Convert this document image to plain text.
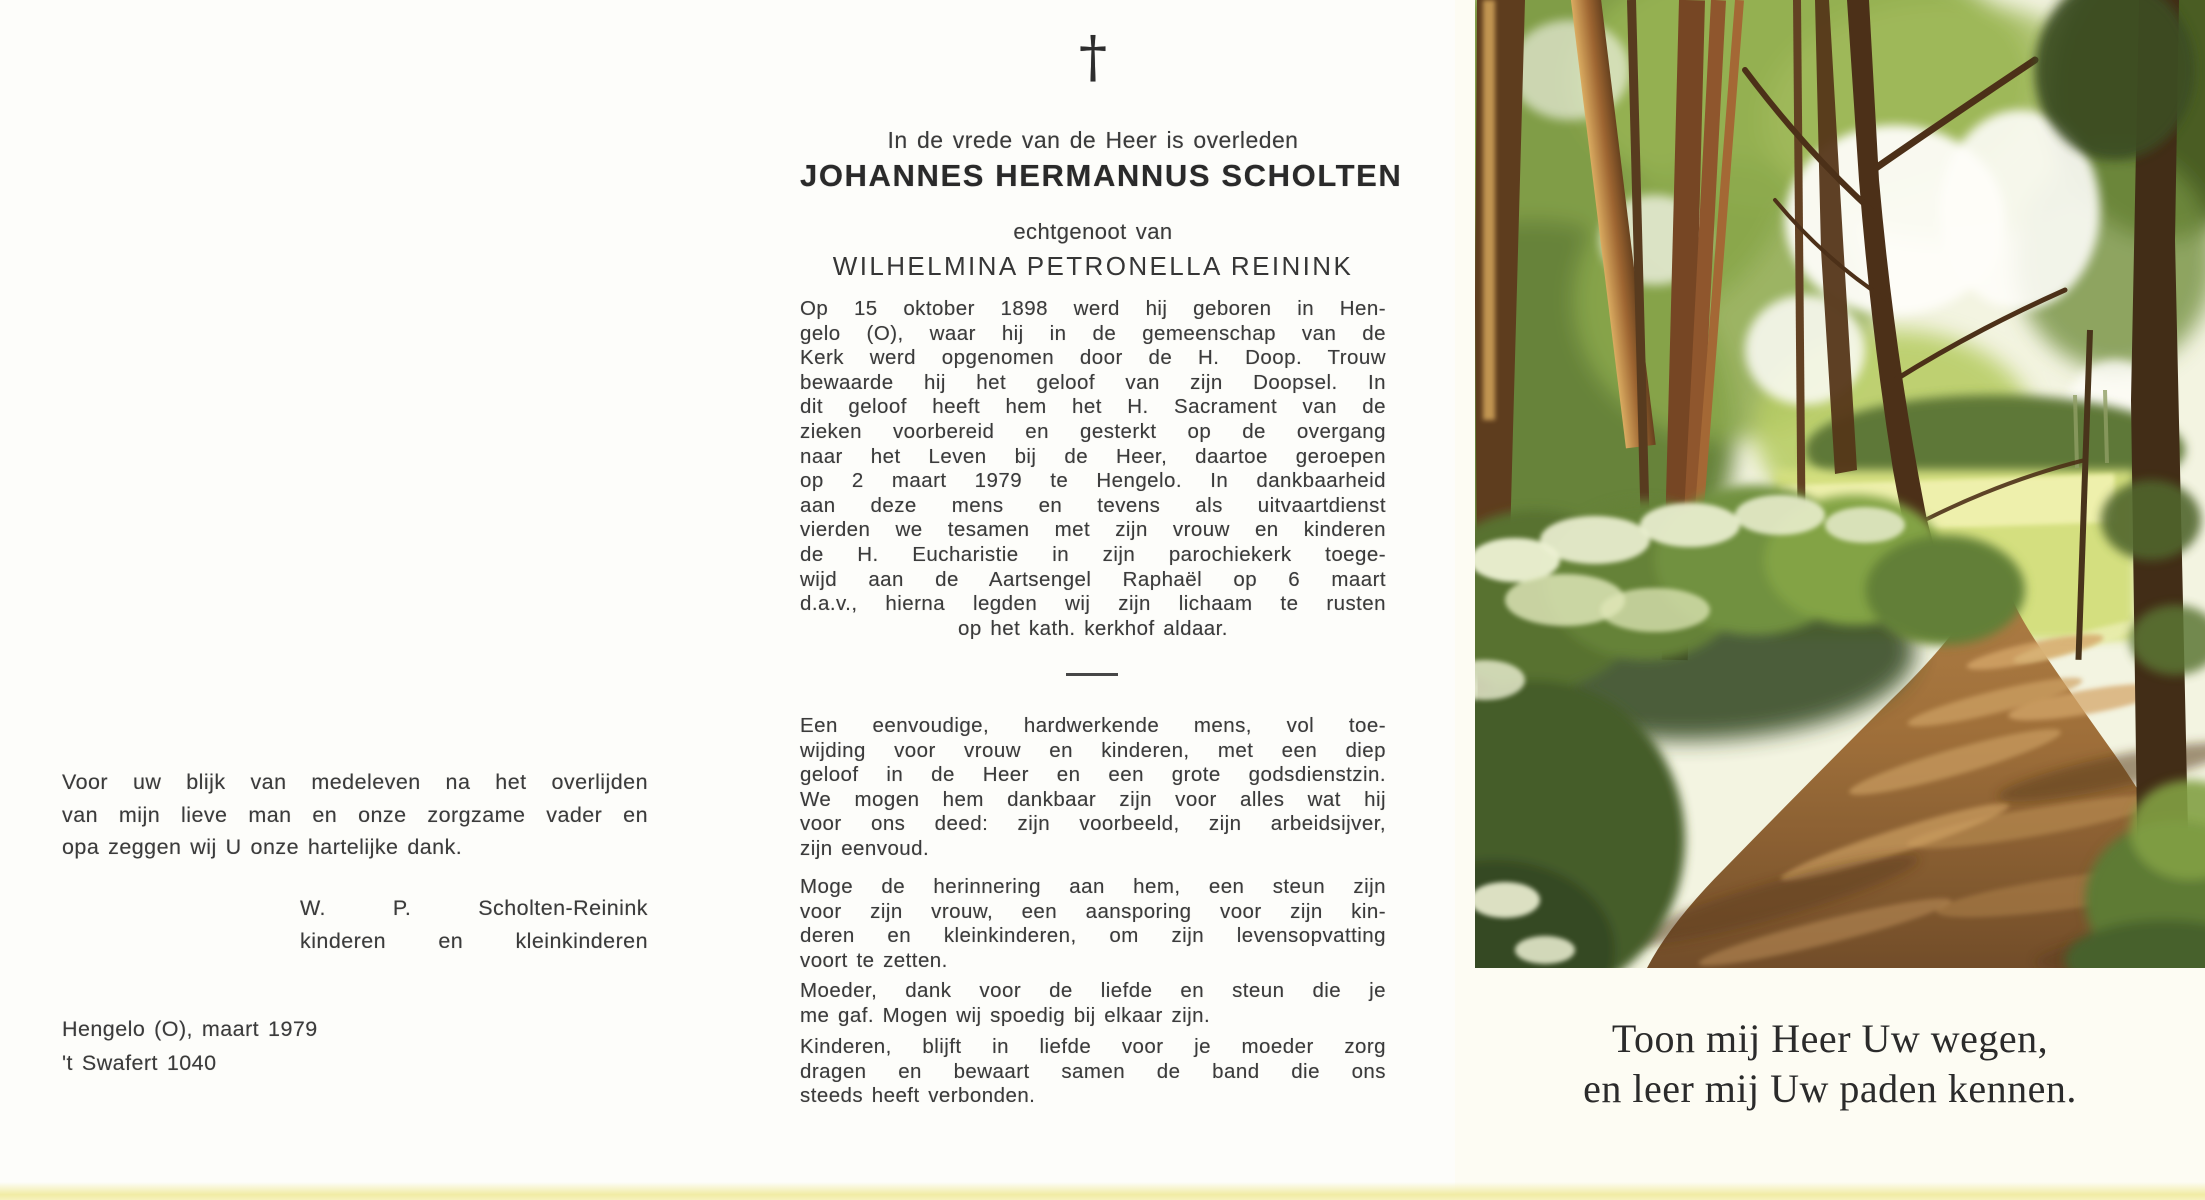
Voor uw blijk van medeleven na het overlijden
van mijn lieve man en onze zorgzame vader en
opa zeggen wij U onze hartelijke dank.
W. P. Scholten-Reinink
kinderen en kleinkinderen
Hengelo (O), maart 1979
't Swafert 1040
†
In de vrede van de Heer is overleden
JOHANNES HERMANNUS SCHOLTEN
echtgenoot van
WILHELMINA PETRONELLA REININK
Op 15 oktober 1898 werd hij geboren in Hen-
gelo (O), waar hij in de gemeenschap van de
Kerk werd opgenomen door de H. Doop. Trouw
bewaarde hij het geloof van zijn Doopsel. In
dit geloof heeft hem het H. Sacrament van de
zieken voorbereid en gesterkt op de overgang
naar het Leven bij de Heer, daartoe geroepen
op 2 maart 1979 te Hengelo. In dankbaarheid
aan deze mens en tevens als uitvaartdienst
vierden we tesamen met zijn vrouw en kinderen
de H. Eucharistie in zijn parochiekerk toege-
wijd aan de Aartsengel Raphaël op 6 maart
d.a.v., hierna legden wij zijn lichaam te rusten
op het kath. kerkhof aldaar.
Een eenvoudige, hardwerkende mens, vol toe-
wijding voor vrouw en kinderen, met een diep
geloof in de Heer en een grote godsdienstzin.
We mogen hem dankbaar zijn voor alles wat hij
voor ons deed: zijn voorbeeld, zijn arbeidsijver,
zijn eenvoud.
Moge de herinnering aan hem, een steun zijn
voor zijn vrouw, een aansporing voor zijn kin-
deren en kleinkinderen, om zijn levensopvatting
voort te zetten.
Moeder, dank voor de liefde en steun die je
me gaf. Mogen wij spoedig bij elkaar zijn.
Kinderen, blijft in liefde voor je moeder zorg
dragen en bewaart samen de band die ons
steeds heeft verbonden.
Toon mij Heer Uw wegen,
en leer mij Uw paden kennen.
